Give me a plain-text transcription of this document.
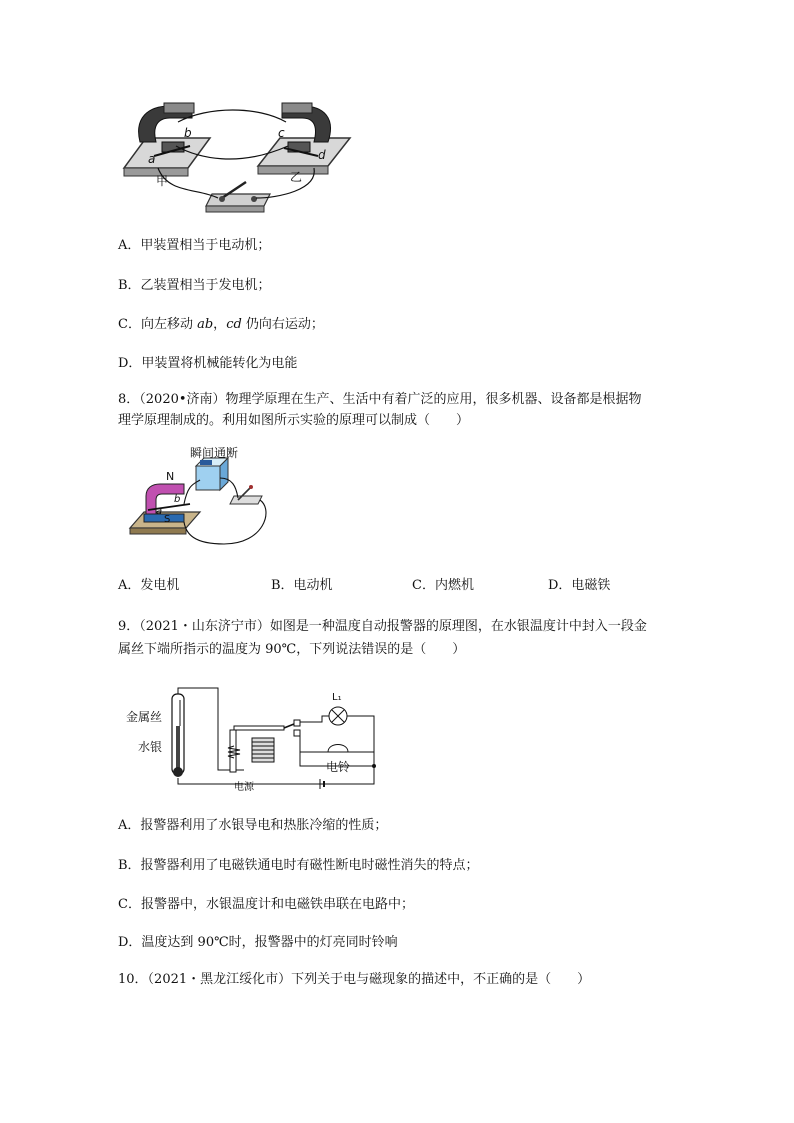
甲	乙
b
a
c
d
A．甲装置相当于电动机；
B．乙装置相当于发电机；
C．向左移动 ab，cd 仍向右运动；
D．甲装置将机械能转化为电能
8．（2020•济南）物理学原理在生产、生活中有着广泛的应用，很多机器、设备都是根据物
理学原理制成的。利用如图所示实验的原理可以制成（　　）
瞬间通断
N
S
b
a
A．发电机	B．电动机	C．内燃机	D．电磁铁
9．（2021・山东济宁市）如图是一种温度自动报警器的原理图，在水银温度计中封入一段金
属丝下端所指示的温度为 90℃，下列说法错误的是（　　）
金属丝
水银
L₁
电铃
电源
A．报警器利用了水银导电和热胀冷缩的性质；
B．报警器利用了电磁铁通电时有磁性断电时磁性消失的特点；
C．报警器中，水银温度计和电磁铁串联在电路中；
D．温度达到 90℃时，报警器中的灯亮同时铃响
10．（2021・黑龙江绥化市）下列关于电与磁现象的描述中，不正确的是（　　）
